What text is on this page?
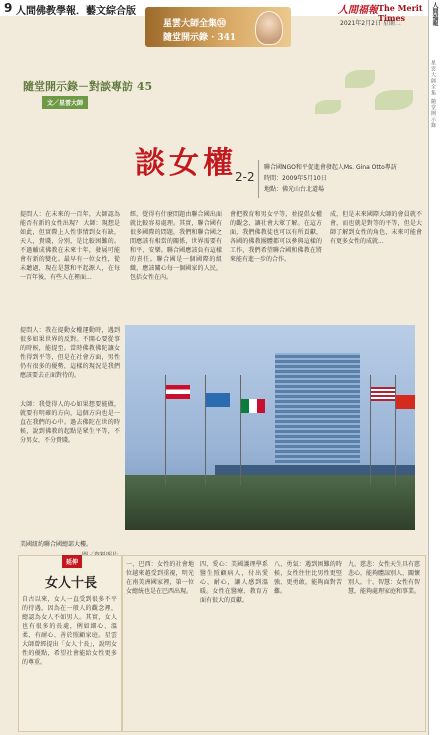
9 人間佛教學報．藝文綜合版	人間福報 The Merit Times
2021年2月2日 星期二
星雲大師全集㊿
隨堂開示錄 · 341
人間福報
星雲大師全集 隨堂開示錄
隨堂開示錄－對談專訪 45
文／星雲大師
談女權
2-2
聯合國NGO和平促進會發起人Ms. Gina Otto專訪
時間：2009年5月10日
地點：佛光山台北道場
提問人：在未來的一百年，大師認為能否有新的女性出現？ 大師：現想是如此，但實際上人性事情到女有缺，天人，貴賤，分別，是比較困難的。不過輔成佛教在未來十年，發展可能會有新的變化。最早有一位女性，從未聽過，現在是慧和平起源人，在每一百年後，有些人在裡面...
經，覺得有什麼問題由聯合國出面就比較容易處理。其實，聯合國有很多國際的問題，我們和聯合國之間應該有相當的關係，世界需要有和平、安樂。聯合國應該負有這樣的責任。聯合國是一個國際的組織，應該關心每一個國家的人民，包括女性在內。
會把教育和男女平等，並提倡女權的觀念，讓社會大眾了解。在這方面，我們佛教徒也可以有所貢獻，各國的佛教團體都可以參與這樣的工作，我們希望聯合國和佛教在將來能有進一步的合作。
成，但是未來國際大師的會員就不會，而也就是對等的平等，但是大師了解到女性的角色，未來可能會有更多女性的成就...
提問人：我在提動女權運動時，遇到很多如果世界的反對。不開心要從事的時候，能提至。當時佛教佛陀讓女性得到平等，但是在社會方面，男性仍有很多的優勢，這樣的現況是我們應該要去正面對待的。
大師：我覺得人的心如果想要能做，就要有明確的方向，這個方向也是一直在我們的心中。過去佛陀在世的時候，說到佛教的起點是眾生平等，不分男女，不分貴賤。
美國紐約聯合國總部大樓。
延伸
女人十長
自古以來，女人一直受到很多不平的待遇，因為在一般人的觀念裡，總認為女人不如男人。其實，女人也有很多的長處，例如細心、溫柔、有耐心、善於照顧家庭。星雲大師曾經提出「女人十長」，說明女性的優點，希望社會能給女性更多的尊重。
一、巴西：女性的社會地位越來越受到重視，明光在南美洲國家裡，第一位女總統也是在巴西出現。
四、愛心：美國護理學系醫生照顧病人，付出愛心、耐心，讓人感到溫暖。女性在醫療、教育方面有很大的貢獻。
八、勇氣：遇到困難的時候，女性往往比男性更堅強、更勇敢，能夠面對苦難。
九、慈悲：女性天生具有慈悲心，能夠體諒別人、關懷別人。十、智慧：女性有智慧，能夠處理家庭和事業。
